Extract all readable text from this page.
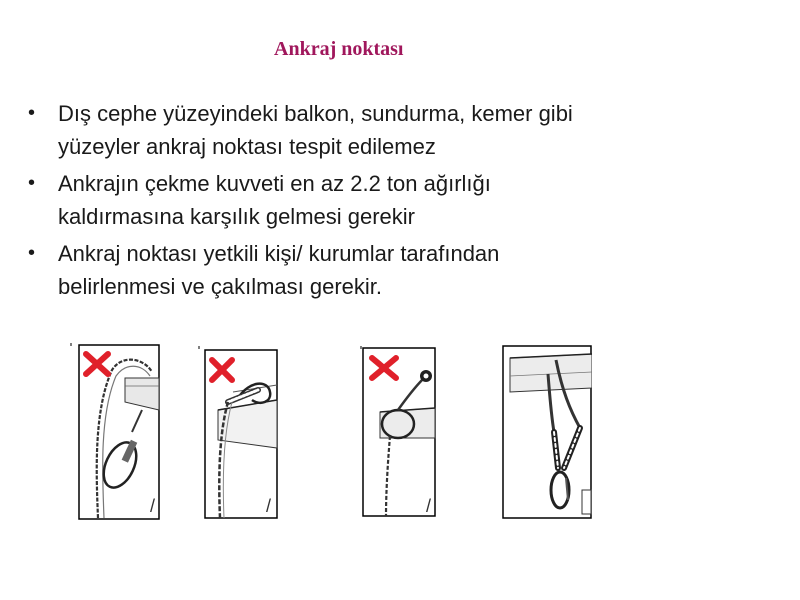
Ankraj noktası
• Dış cephe yüzeyindeki balkon, sundurma, kemer gibi
yüzeyler ankraj noktası tespit edilemez
• Ankrajın çekme kuvveti en az 2.2 ton ağırlığı
kaldırmasına karşılık gelmesi gerekir
• Ankraj noktası yetkili kişi/ kurumlar tarafından
belirlenmesi ve çakılması gerekir.
/	/	/
